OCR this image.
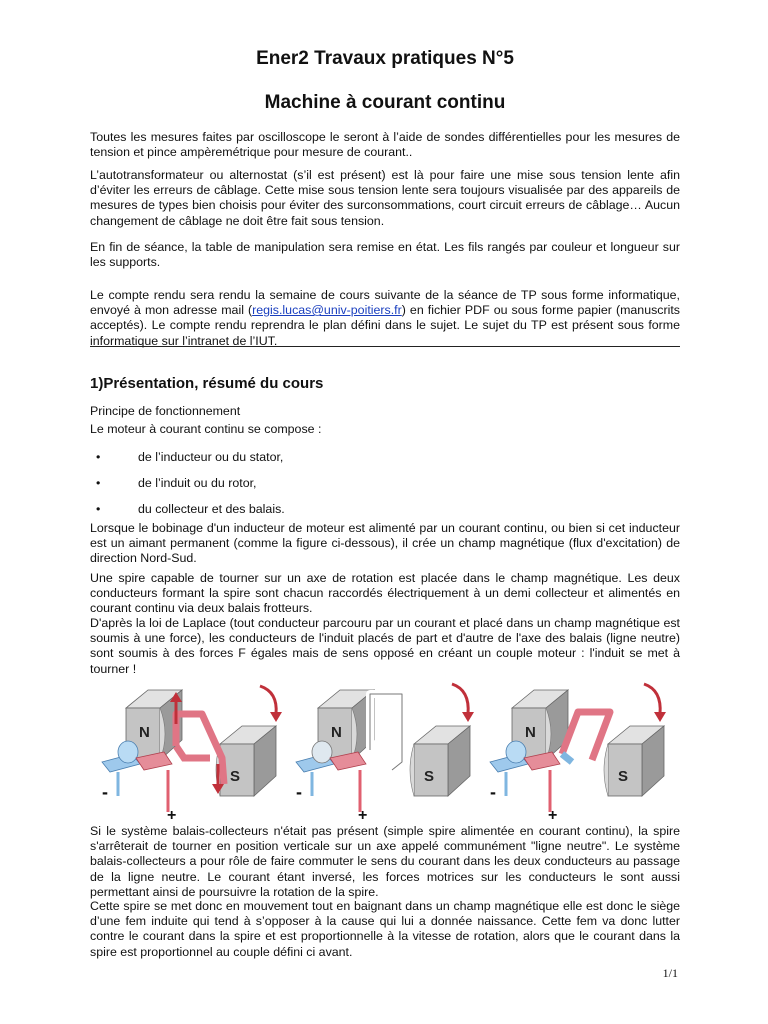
Ener2 Travaux pratiques N°5
Machine à courant continu
Toutes les mesures faites par oscilloscope le seront à l’aide de sondes différentielles pour les mesures de tension et pince ampèremétrique pour mesure de courant..
L’autotransformateur ou alternostat (s’il est présent) est là pour faire une mise sous tension lente afin d’éviter les erreurs de câblage. Cette mise sous tension lente sera toujours visualisée par des appareils de mesures de types bien choisis pour éviter des surconsommations, court circuit erreurs de câblage… Aucun changement de câblage ne doit être fait sous tension.
En fin de séance, la table de manipulation sera remise en état. Les fils rangés par couleur et longueur sur les supports.
Le compte rendu sera rendu la semaine de cours suivante de la séance de TP sous forme informatique, envoyé à mon adresse mail (regis.lucas@univ-poitiers.fr) en fichier PDF ou sous forme papier (manuscrits acceptés). Le compte rendu reprendra le plan défini dans le sujet. Le sujet du TP est présent sous forme informatique sur l’intranet de l’IUT.
1)Présentation, résumé du cours
Principe de fonctionnement
Le moteur à courant continu se compose :
•	de l’inducteur ou du stator,
•	de l’induit ou du rotor,
•	du collecteur et des balais.
Lorsque le bobinage d'un inducteur de moteur est alimenté par un courant continu, ou bien si cet inducteur est un aimant permanent (comme la figure ci-dessous), il crée un champ magnétique (flux d'excitation) de direction Nord-Sud.
Une spire capable de tourner sur un axe de rotation est placée dans le champ magnétique. Les deux conducteurs formant la spire sont chacun raccordés électriquement à un demi collecteur et alimentés en courant continu via deux balais frotteurs.
D'après la loi de Laplace (tout conducteur parcouru par un courant et placé dans un champ magnétique est soumis à une force), les conducteurs de l'induit placés de part et d'autre de l'axe des balais (ligne neutre) sont soumis à des forces F égales mais de sens opposé en créant un couple moteur : l'induit se met à tourner !
Si le système balais-collecteurs n'était pas présent (simple spire alimentée en courant continu), la spire s'arrêterait de tourner en position verticale sur un axe appelé communément "ligne neutre". Le système balais-collecteurs a pour rôle de faire commuter le sens du courant dans les deux conducteurs au passage de la ligne neutre. Le courant étant inversé, les forces motrices sur les conducteurs le sont aussi permettant ainsi de poursuivre la rotation de la spire.
Cette spire se met donc en mouvement tout en baignant dans un champ magnétique elle est donc le siège d’une fem induite qui tend à s’opposer à la cause qui lui a donnée naissance. Cette fem va donc lutter contre le courant dans la spire et est proportionnelle à la vitesse de rotation, alors que le courant dans la spire est proportionnel au couple défini ci avant.
N
S
-
+
N
S
-
+
N
S
-
+
1/1
